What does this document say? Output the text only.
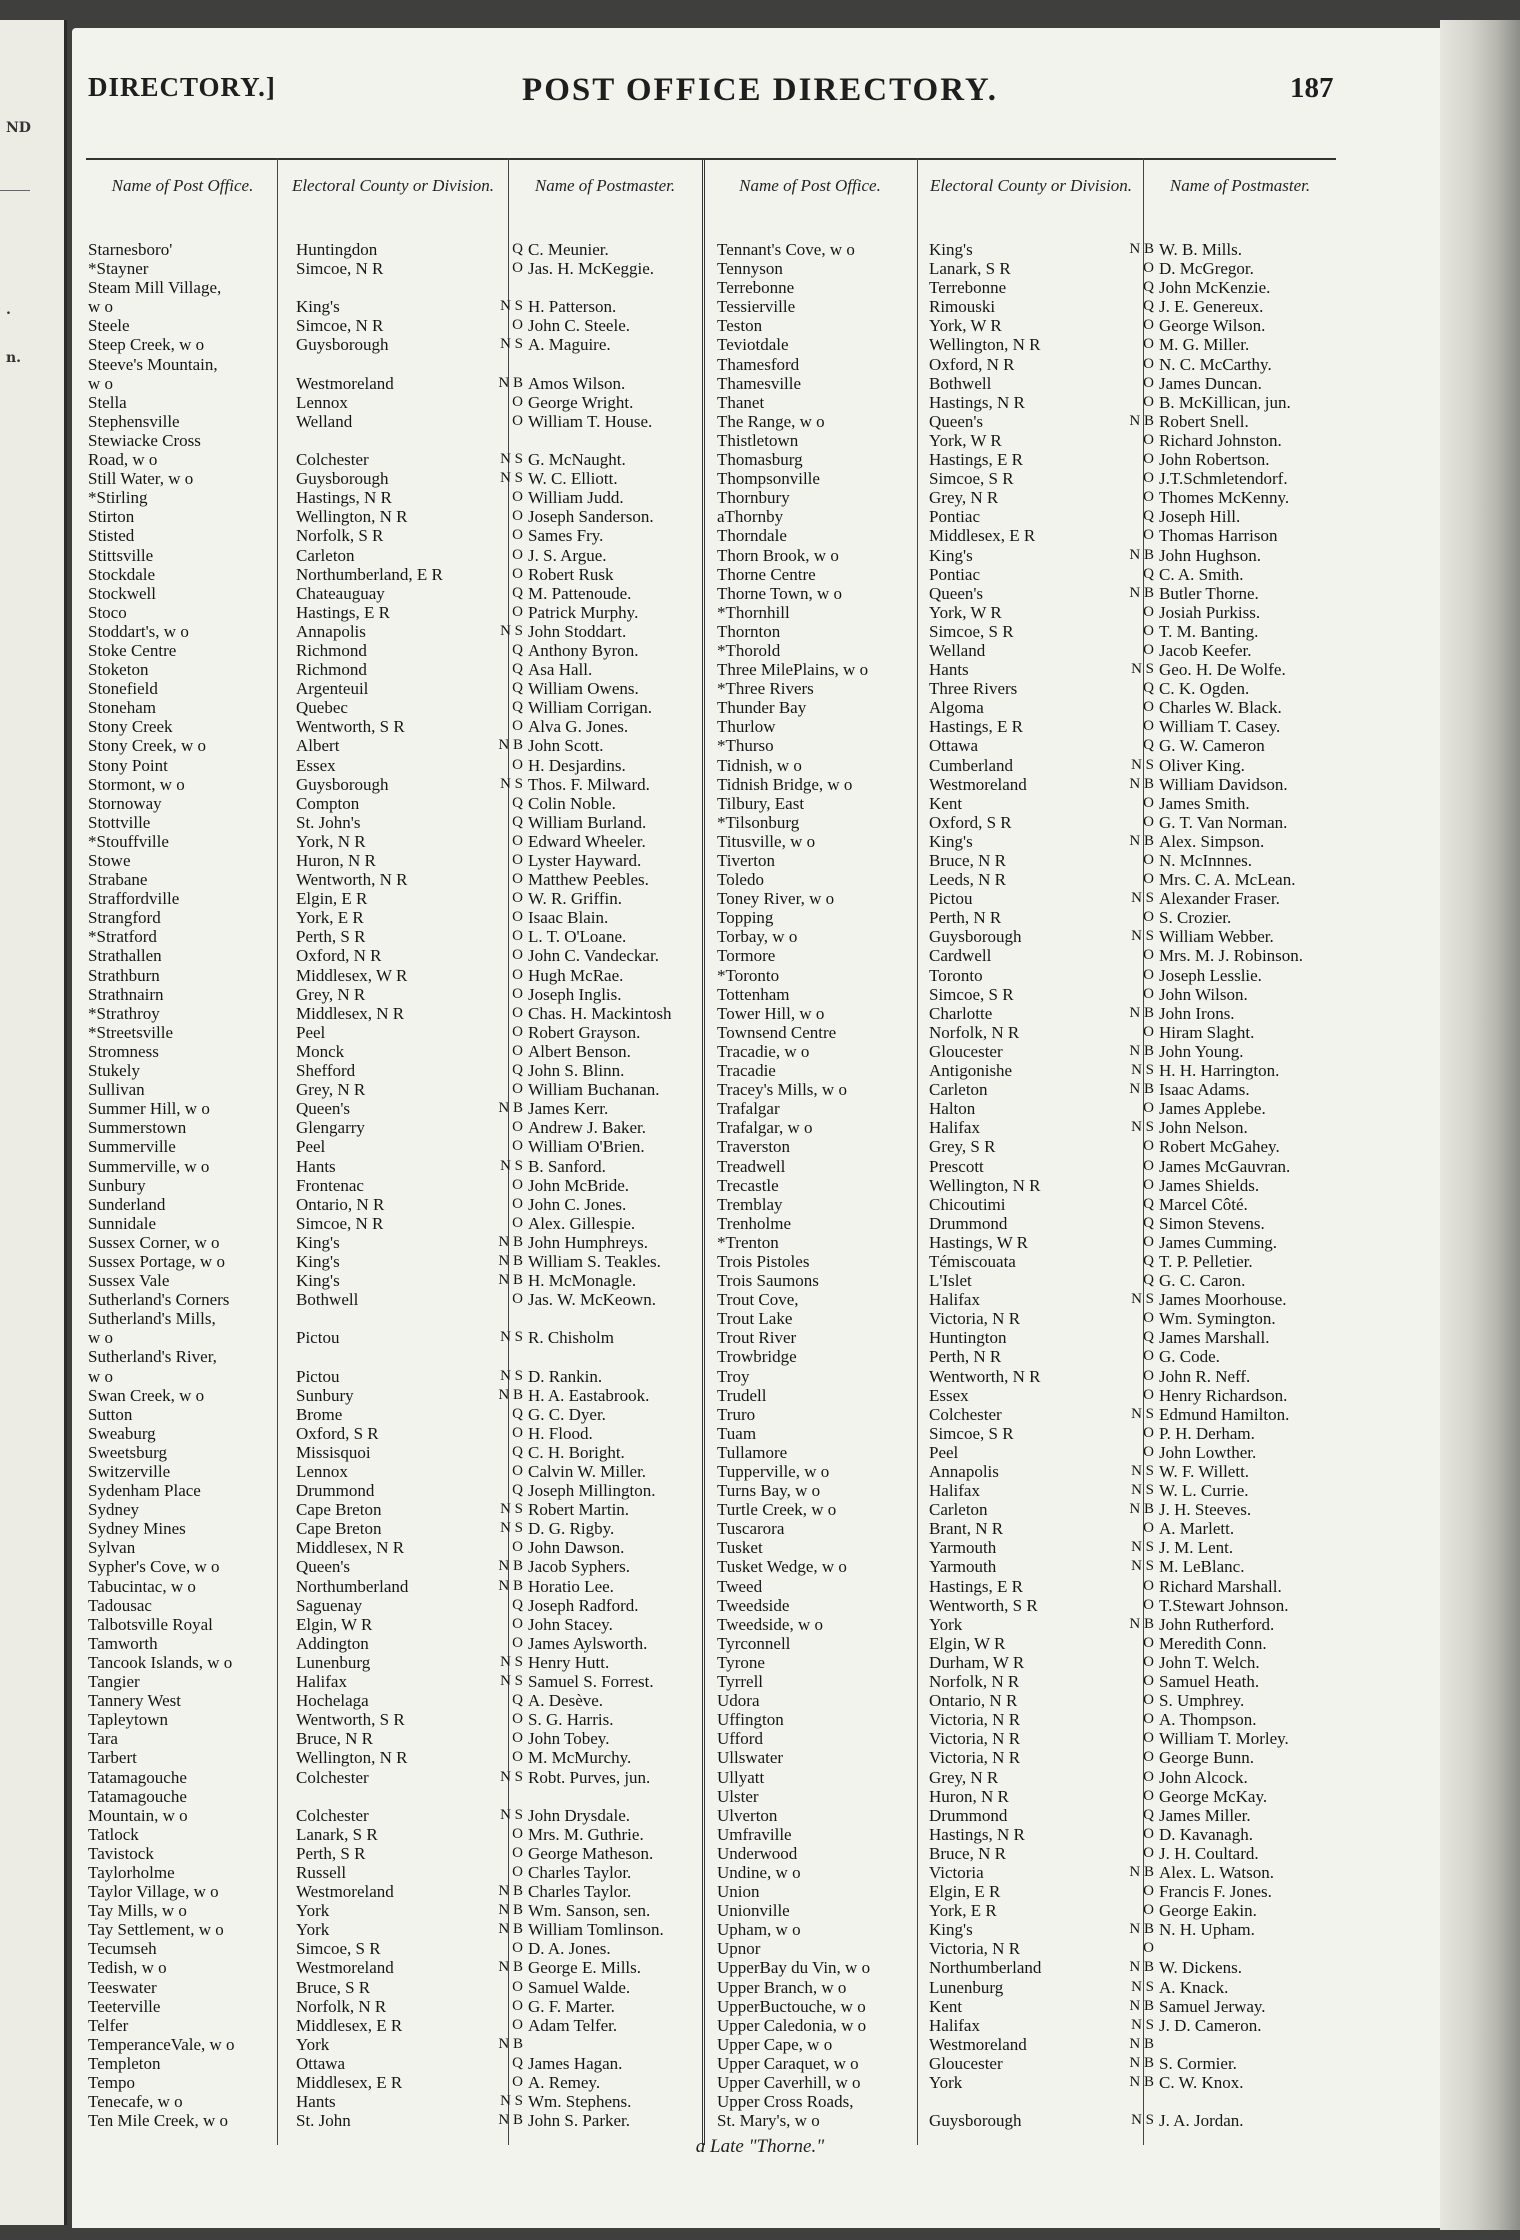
ND
.
n.
DIRECTORY.]	POST OFFICE DIRECTORY.	187
Name of Post Office.	Electoral County or Division.	Name of Postmaster.	Name of Post Office.	Electoral County or Division.	Name of Postmaster.
Starnesboro'	Huntingdon	Q C. Meunier.
*Stayner	Simcoe, N R	O Jas. H. McKeggie.
Steam Mill Village,
w o	King's	N S H. Patterson.
Steele	Simcoe, N R	O John C. Steele.
Steep Creek, w o	Guysborough	N S A. Maguire.
Steeve's Mountain,
w o	Westmoreland	N B Amos Wilson.
Stella	Lennox	O George Wright.
Stephensville	Welland	O William T. House.
Stewiacke Cross
Road, w o	Colchester	N S G. McNaught.
Still Water, w o	Guysborough	N S W. C. Elliott.
*Stirling	Hastings, N R	O William Judd.
Stirton	Wellington, N R	O Joseph Sanderson.
Stisted	Norfolk, S R	O Sames Fry.
Stittsville	Carleton	O J. S. Argue.
Stockdale	Northumberland, E R	O Robert Rusk
Stockwell	Chateauguay	Q M. Pattenoude.
Stoco	Hastings, E R	O Patrick Murphy.
Stoddart's, w o	Annapolis	N S John Stoddart.
Stoke Centre	Richmond	Q Anthony Byron.
Stoketon	Richmond	Q Asa Hall.
Stonefield	Argenteuil	Q William Owens.
Stoneham	Quebec	Q William Corrigan.
Stony Creek	Wentworth, S R	O Alva G. Jones.
Stony Creek, w o	Albert	N B John Scott.
Stony Point	Essex	O H. Desjardins.
Stormont, w o	Guysborough	N S Thos. F. Milward.
Stornoway	Compton	Q Colin Noble.
Stottville	St. John's	Q William Burland.
*Stouffville	York, N R	O Edward Wheeler.
Stowe	Huron, N R	O Lyster Hayward.
Strabane	Wentworth, N R	O Matthew Peebles.
Straffordville	Elgin, E R	O W. R. Griffin.
Strangford	York, E R	O Isaac Blain.
*Stratford	Perth, S R	O L. T. O'Loane.
Strathallen	Oxford, N R	O John C. Vandeckar.
Strathburn	Middlesex, W R	O Hugh McRae.
Strathnairn	Grey, N R	O Joseph Inglis.
*Strathroy	Middlesex, N R	O Chas. H. Mackintosh
*Streetsville	Peel	O Robert Grayson.
Stromness	Monck	O Albert Benson.
Stukely	Shefford	Q John S. Blinn.
Sullivan	Grey, N R	O William Buchanan.
Summer Hill, w o	Queen's	N B James Kerr.
Summerstown	Glengarry	O Andrew J. Baker.
Summerville	Peel	O William O'Brien.
Summerville, w o	Hants	N S B. Sanford.
Sunbury	Frontenac	O John McBride.
Sunderland	Ontario, N R	O John C. Jones.
Sunnidale	Simcoe, N R	O Alex. Gillespie.
Sussex Corner, w o	King's	N B John Humphreys.
Sussex Portage, w o	King's	N B William S. Teakles.
Sussex Vale	King's	N B H. McMonagle.
Sutherland's Corners	Bothwell	O Jas. W. McKeown.
Sutherland's Mills,
w o	Pictou	N S R. Chisholm
Sutherland's River,
w o	Pictou	N S D. Rankin.
Swan Creek, w o	Sunbury	N B H. A. Eastabrook.
Sutton	Brome	Q G. C. Dyer.
Sweaburg	Oxford, S R	O H. Flood.
Sweetsburg	Missisquoi	Q C. H. Boright.
Switzerville	Lennox	O Calvin W. Miller.
Sydenham Place	Drummond	Q Joseph Millington.
Sydney	Cape Breton	N S Robert Martin.
Sydney Mines	Cape Breton	N S D. G. Rigby.
Sylvan	Middlesex, N R	O John Dawson.
Sypher's Cove, w o	Queen's	N B Jacob Syphers.
Tabucintac, w o	Northumberland	N B Horatio Lee.
Tadousac	Saguenay	Q Joseph Radford.
Talbotsville Royal	Elgin, W R	O John Stacey.
Tamworth	Addington	O James Aylsworth.
Tancook Islands, w o	Lunenburg	N S Henry Hutt.
Tangier	Halifax	N S Samuel S. Forrest.
Tannery West	Hochelaga	Q A. Desève.
Tapleytown	Wentworth, S R	O S. G. Harris.
Tara	Bruce, N R	O John Tobey.
Tarbert	Wellington, N R	O M. McMurchy.
Tatamagouche	Colchester	N S Robt. Purves, jun.
Tatamagouche
Mountain, w o	Colchester	N S John Drysdale.
Tatlock	Lanark, S R	O Mrs. M. Guthrie.
Tavistock	Perth, S R	O George Matheson.
Taylorholme	Russell	O Charles Taylor.
Taylor Village, w o	Westmoreland	N B Charles Taylor.
Tay Mills, w o	York	N B Wm. Sanson, sen.
Tay Settlement, w o	York	N B William Tomlinson.
Tecumseh	Simcoe, S R	O D. A. Jones.
Tedish, w o	Westmoreland	N B George E. Mills.
Teeswater	Bruce, S R	O Samuel Walde.
Teeterville	Norfolk, N R	O G. F. Marter.
Telfer	Middlesex, E R	O Adam Telfer.
TemperanceVale, w o	York	N B
Templeton	Ottawa	Q James Hagan.
Tempo	Middlesex, E R	O A. Remey.
Tenecafe, w o	Hants	N S Wm. Stephens.
Ten Mile Creek, w o	St. John	N B John S. Parker.
Tennant's Cove, w o	King's	N B W. B. Mills.
Tennyson	Lanark, S R	O D. McGregor.
Terrebonne	Terrebonne	Q John McKenzie.
Tessierville	Rimouski	Q J. E. Genereux.
Teston	York, W R	O George Wilson.
Teviotdale	Wellington, N R	O M. G. Miller.
Thamesford	Oxford, N R	O N. C. McCarthy.
Thamesville	Bothwell	O James Duncan.
Thanet	Hastings, N R	O B. McKillican, jun.
The Range, w o	Queen's	N B Robert Snell.
Thistletown	York, W R	O Richard Johnston.
Thomasburg	Hastings, E R	O John Robertson.
Thompsonville	Simcoe, S R	O J.T.Schmletendorf.
Thornbury	Grey, N R	O Thomes McKenny.
aThornby	Pontiac	Q Joseph Hill.
Thorndale	Middlesex, E R	O Thomas Harrison
Thorn Brook, w o	King's	N B John Hughson.
Thorne Centre	Pontiac	Q C. A. Smith.
Thorne Town, w o	Queen's	N B Butler Thorne.
*Thornhill	York, W R	O Josiah Purkiss.
Thornton	Simcoe, S R	O T. M. Banting.
*Thorold	Welland	O Jacob Keefer.
Three MilePlains, w o	Hants	N S Geo. H. De Wolfe.
*Three Rivers	Three Rivers	Q C. K. Ogden.
Thunder Bay	Algoma	O Charles W. Black.
Thurlow	Hastings, E R	O William T. Casey.
*Thurso	Ottawa	Q G. W. Cameron
Tidnish, w o	Cumberland	N S Oliver King.
Tidnish Bridge, w o	Westmoreland	N B William Davidson.
Tilbury, East	Kent	O James Smith.
*Tilsonburg	Oxford, S R	O G. T. Van Norman.
Titusville, w o	King's	N B Alex. Simpson.
Tiverton	Bruce, N R	O N. McInnnes.
Toledo	Leeds, N R	O Mrs. C. A. McLean.
Toney River, w o	Pictou	N S Alexander Fraser.
Topping	Perth, N R	O S. Crozier.
Torbay, w o	Guysborough	N S William Webber.
Tormore	Cardwell	O Mrs. M. J. Robinson.
*Toronto	Toronto	O Joseph Lesslie.
Tottenham	Simcoe, S R	O John Wilson.
Tower Hill, w o	Charlotte	N B John Irons.
Townsend Centre	Norfolk, N R	O Hiram Slaght.
Tracadie, w o	Gloucester	N B John Young.
Tracadie	Antigonishe	N S H. H. Harrington.
Tracey's Mills, w o	Carleton	N B Isaac Adams.
Trafalgar	Halton	O James Applebe.
Trafalgar, w o	Halifax	N S John Nelson.
Traverston	Grey, S R	O Robert McGahey.
Treadwell	Prescott	O James McGauvran.
Trecastle	Wellington, N R	O James Shields.
Tremblay	Chicoutimi	Q Marcel Côté.
Trenholme	Drummond	Q Simon Stevens.
*Trenton	Hastings, W R	O James Cumming.
Trois Pistoles	Témiscouata	Q T. P. Pelletier.
Trois Saumons	L'Islet	Q G. C. Caron.
Trout Cove,	Halifax	N S James Moorhouse.
Trout Lake	Victoria, N R	O Wm. Symington.
Trout River	Huntington	Q James Marshall.
Trowbridge	Perth, N R	O G. Code.
Troy	Wentworth, N R	O John R. Neff.
Trudell	Essex	O Henry Richardson.
Truro	Colchester	N S Edmund Hamilton.
Tuam	Simcoe, S R	O P. H. Derham.
Tullamore	Peel	O John Lowther.
Tupperville, w o	Annapolis	N S W. F. Willett.
Turns Bay, w o	Halifax	N S W. L. Currie.
Turtle Creek, w o	Carleton	N B J. H. Steeves.
Tuscarora	Brant, N R	O A. Marlett.
Tusket	Yarmouth	N S J. M. Lent.
Tusket Wedge, w o	Yarmouth	N S M. LeBlanc.
Tweed	Hastings, E R	O Richard Marshall.
Tweedside	Wentworth, S R	O T.Stewart Johnson.
Tweedside, w o	York	N B John Rutherford.
Tyrconnell	Elgin, W R	O Meredith Conn.
Tyrone	Durham, W R	O John T. Welch.
Tyrrell	Norfolk, N R	O Samuel Heath.
Udora	Ontario, N R	O S. Umphrey.
Uffington	Victoria, N R	O A. Thompson.
Ufford	Victoria, N R	O William T. Morley.
Ullswater	Victoria, N R	O George Bunn.
Ullyatt	Grey, N R	O John Alcock.
Ulster	Huron, N R	O George McKay.
Ulverton	Drummond	Q James Miller.
Umfraville	Hastings, N R	O D. Kavanagh.
Underwood	Bruce, N R	O J. H. Coultard.
Undine, w o	Victoria	N B Alex. L. Watson.
Union	Elgin, E R	O Francis F. Jones.
Unionville	York, E R	O George Eakin.
Upham, w o	King's	N B N. H. Upham.
Upnor	Victoria, N R	O
UpperBay du Vin, w o	Northumberland	N B W. Dickens.
Upper Branch, w o	Lunenburg	N S A. Knack.
UpperBuctouche, w o	Kent	N B Samuel Jerway.
Upper Caledonia, w o	Halifax	N S J. D. Cameron.
Upper Cape, w o	Westmoreland	N B
Upper Caraquet, w o	Gloucester	N B S. Cormier.
Upper Caverhill, w o	York	N B C. W. Knox.
Upper Cross Roads,
St. Mary's, w o	Guysborough	N S J. A. Jordan.
a Late "Thorne."
